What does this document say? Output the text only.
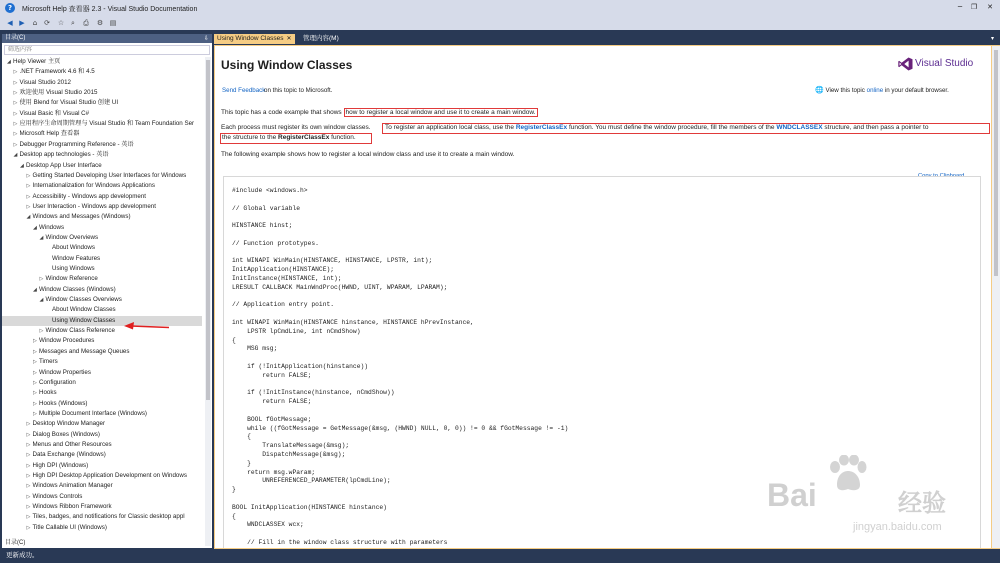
?	Microsoft Help 查看器 2.3 - Visual Studio Documentation	─	❐	✕
◀ ▶	⌂ ⟳ ☆ ⌕	⎙	⚙ ▤
目录(C)	⇩
筛选内容
◢ Help Viewer 主页
▷ .NET Framework 4.6 和 4.5
▷ Visual Studio 2012
▷ 欢迎使用 Visual Studio 2015
▷ 使用 Blend for Visual Studio 创建 UI
▷ Visual Basic 和 Visual C#
▷ 应用程序生命周期管理与 Visual Studio 和 Team Foundation Ser
▷ Microsoft Help 查看器
▷ Debugger Programming Reference - 英语
◢ Desktop app technologies - 英语
◢ Desktop App User Interface
▷ Getting Started Developing User Interfaces for Windows
▷ Internationalization for Windows Applications
▷ Accessibility - Windows app development
▷ User Interaction - Windows app development
◢ Windows and Messages (Windows)
◢ Windows
◢ Window Overviews
About Windows
Window Features
Using Windows
▷ Window Reference
◢ Window Classes (Windows)
◢ Window Classes Overviews
About Window Classes
Using Window Classes
▷ Window Class Reference
▷ Window Procedures
▷ Messages and Message Queues
▷ Timers
▷ Window Properties
▷ Configuration
▷ Hooks
▷ Hooks (Windows)
▷ Multiple Document Interface (Windows)
▷ Desktop Window Manager
▷ Dialog Boxes (Windows)
▷ Menus and Other Resources
▷ Data Exchange (Windows)
▷ High DPI (Windows)
▷ High DPI Desktop Application Development on Windows
▷ Windows Animation Manager
▷ Windows Controls
▷ Windows Ribbon Framework
▷ Tiles, badges, and notifications for Classic desktop appl
▷ Title Callable UI (Windows)
目录(C)	索引(I)	收藏夹(F)	搜索(S)
更新成功。
Using Window Classes ✕	管理内容(M)	▾
Using Window Classes	Visual Studio
Send Feedback
on this topic to Microsoft.	🌐 View this topic online in your default browser.
This topic has a code example that shows how to register a local window and use it to create a main window.
Each process must register its own window classes. To register an application local class, use the RegisterClassEx function. You must define the window procedure, fill the members of the WNDCLASSEX structure, and then pass a pointer to
the structure to the RegisterClassEx function.
The following example shows how to register a local window class and use it to create a main window.
#include <windows.h>
// Global variable
HINSTANCE hinst;
// Function prototypes.
int WINAPI WinMain(HINSTANCE, HINSTANCE, LPSTR, int);
InitApplication(HINSTANCE);
InitInstance(HINSTANCE, int);
LRESULT CALLBACK MainWndProc(HWND, UINT, WPARAM, LPARAM);
// Application entry point.
int WINAPI WinMain(HINSTANCE hinstance, HINSTANCE hPrevInstance,
LPSTR lpCmdLine, int nCmdShow)
{
MSG msg;
if (!InitApplication(hinstance))
return FALSE;
if (!InitInstance(hinstance, nCmdShow))
return FALSE;
BOOL fGotMessage;
while ((fGotMessage = GetMessage(&msg, (HWND) NULL, 0, 0)) != 0 && fGotMessage != -1)
{
TranslateMessage(&msg);
DispatchMessage(&msg);
}
return msg.wParam;
UNREFERENCED_PARAMETER(lpCmdLine);
}
BOOL InitApplication(HINSTANCE hinstance)
{
WNDCLASSEX wcx;
// Fill in the window class structure with parameters
Bai	经验
jingyan.baidu.com
